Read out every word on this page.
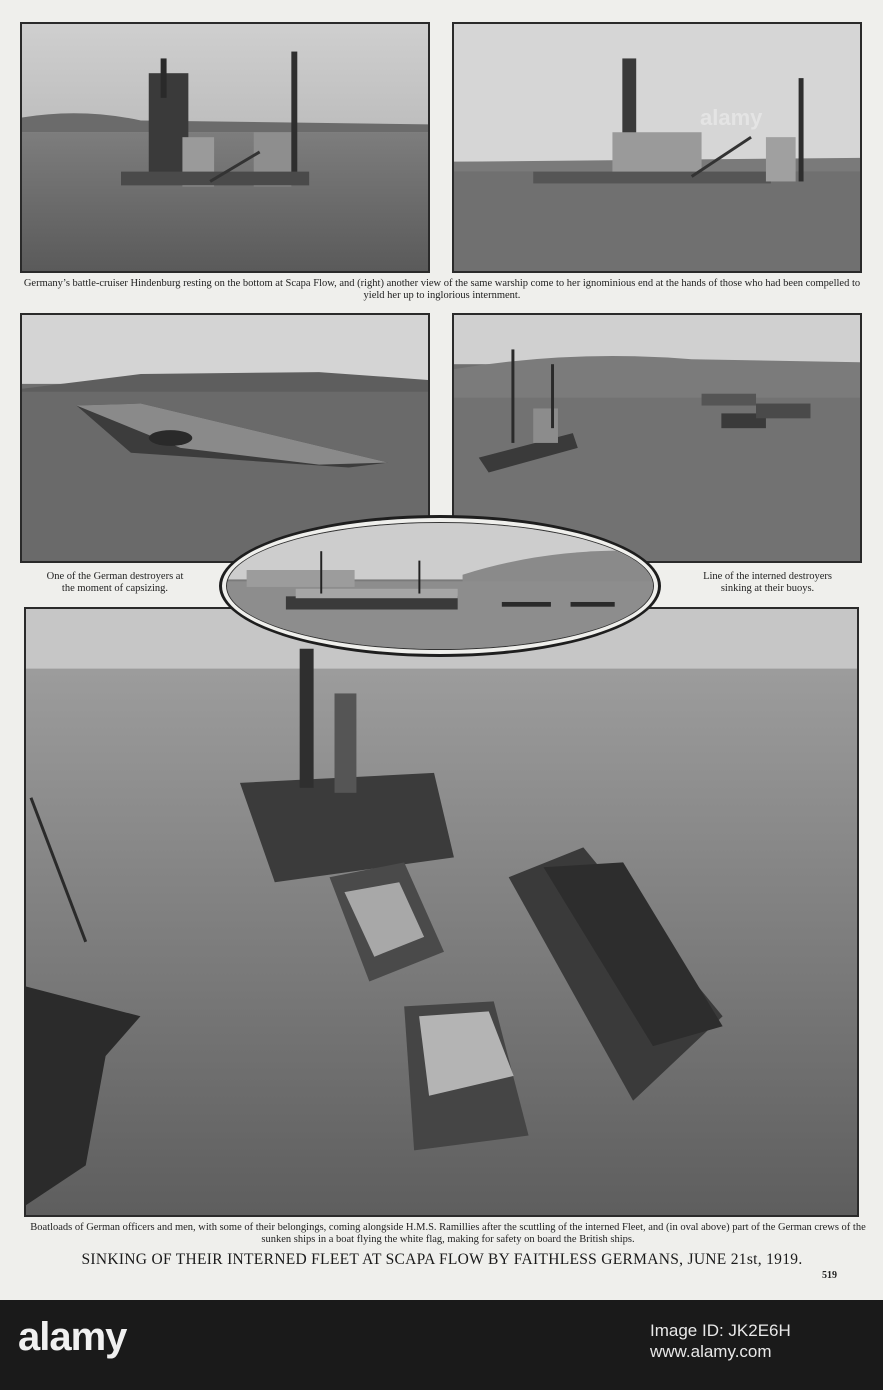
Germany’s battle-cruiser Hindenburg resting on the bottom at Scapa Flow, and (right) another view of the same warship come to her ignominious end at the hands of those who had been compelled to yield her up to inglorious internment.
One of the German destroyers at
the moment of capsizing.
Line of the interned destroyers
sinking at their buoys.
Boatloads of German officers and men, with some of their belongings, coming alongside H.M.S. Ramillies after the scuttling of the interned Fleet, and (in oval above) part of the German crews of the sunken ships in a boat flying the white flag, making for safety on board the British ships.
SINKING OF THEIR INTERNED FLEET AT SCAPA FLOW BY FAITHLESS GERMANS, JUNE 21st, 1919.
519
alamy
alamy	Image ID: JK2E6H
www.alamy.com
